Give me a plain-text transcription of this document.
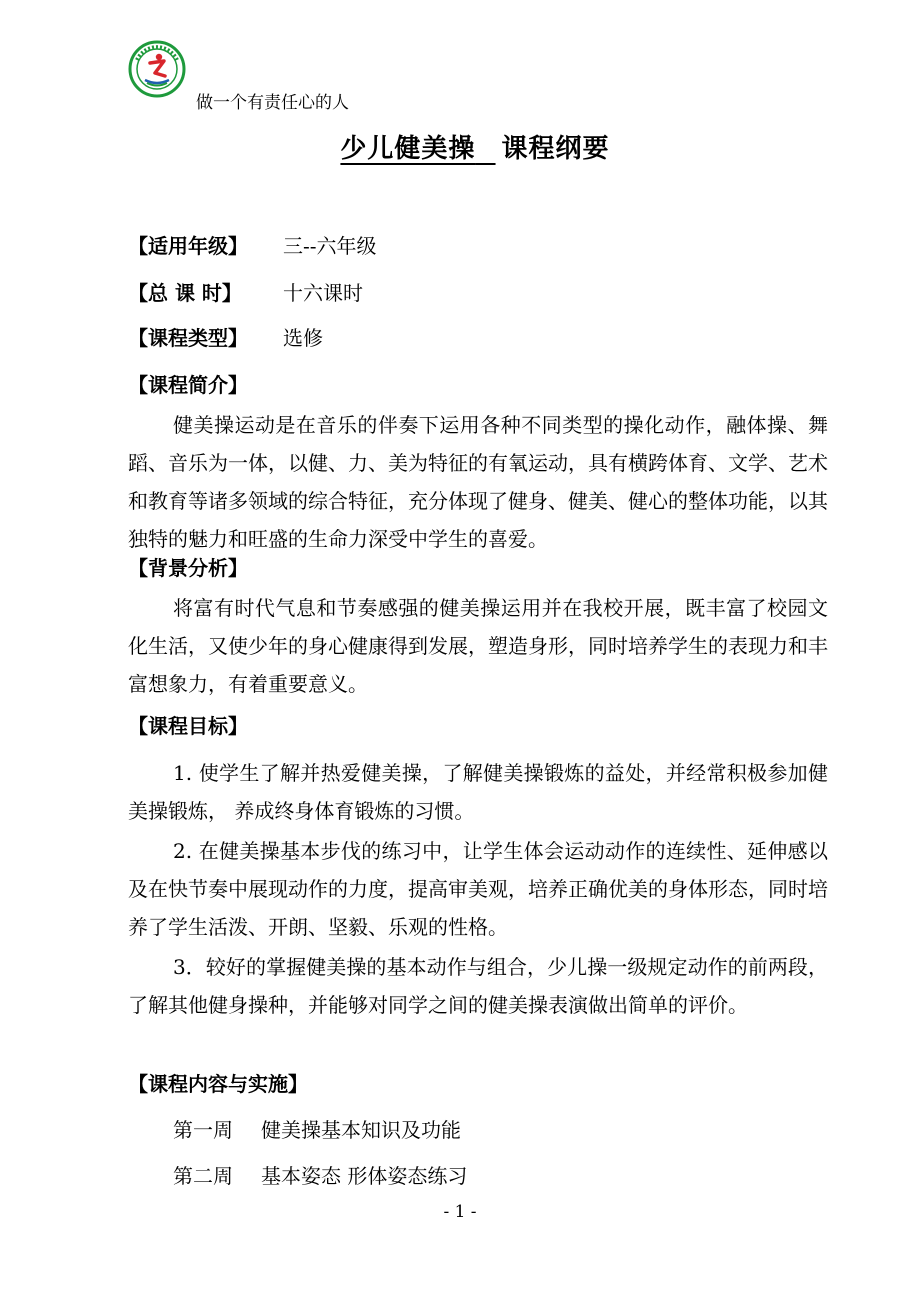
做一个有责任心的人
少儿健美操 课程纲要
【适用年级】	三--六年级
【总 课 时】	十六课时
【课程类型】	选修
【课程简介】

健美操运动是在音乐的伴奏下运用各种不同类型的操化动作，融体操、舞蹈、音乐为一体，以健、力、美为特征的有氧运动，具有横跨体育、文学、艺术和教育等诸多领域的综合特征，充分体现了健身、健美、健心的整体功能，以其独特的魅力和旺盛的生命力深受中学生的喜爱。

【背景分析】

将富有时代气息和节奏感强的健美操运用并在我校开展，既丰富了校园文化生活，又使少年的身心健康得到发展，塑造身形，同时培养学生的表现力和丰富想象力，有着重要意义。

【课程目标】

1. 使学生了解并热爱健美操，了解健美操锻炼的益处，并经常积极参加健美操锻炼， 养成终身体育锻炼的习惯。

2. 在健美操基本步伐的练习中，让学生体会运动动作的连续性、延伸感以及在快节奏中展现动作的力度，提高审美观，培养正确优美的身体形态，同时培养了学生活泼、开朗、坚毅、乐观的性格。

3．较好的掌握健美操的基本动作与组合，少儿操一级规定动作的前两段，了解其他健身操种，并能够对同学之间的健美操表演做出简单的评价。

【课程内容与实施】
第一周 健美操基本知识及功能
第二周 基本姿态 形体姿态练习
- 1 -
